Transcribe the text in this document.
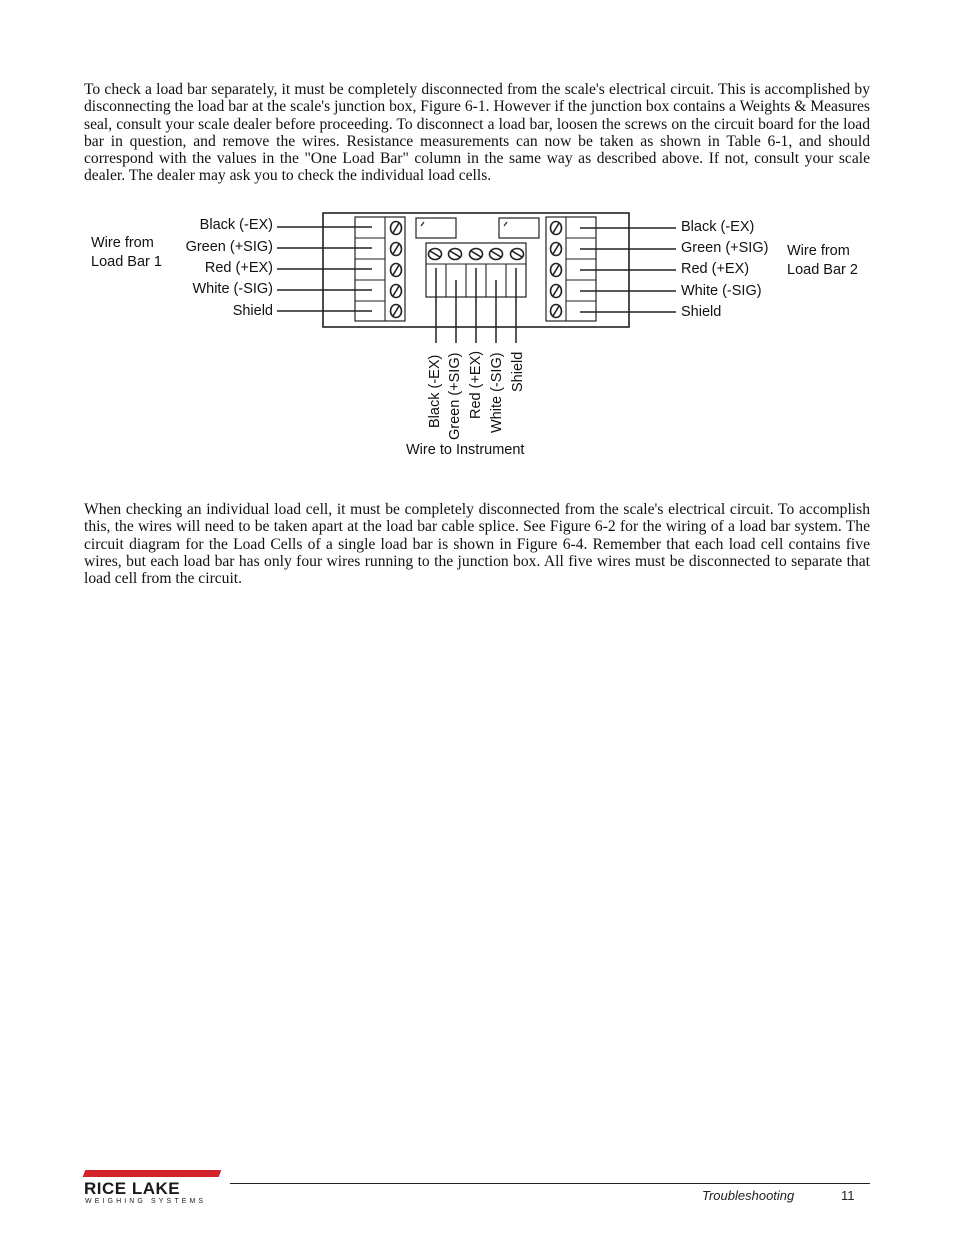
To check a load bar separately, it must be completely disconnected from the scale's electrical circuit. This is accomplished by disconnecting the load bar at the scale's junction box, Figure 6-1. However if the junction box contains a Weights & Measures seal, consult your scale dealer before proceeding. To disconnect a load bar, loosen the screws on the circuit board for the load bar in question, and remove the wires. Resistance measurements can now be taken as shown in Table 6-1, and should correspond with the values in the "One Load Bar" column in the same way as described above. If not, consult your scale dealer. The dealer may ask you to check the individual load cells.

Wire from
Load Bar 1
Black (-EX)
Green (+SIG)
Red (+EX)
White (-SIG)
Shield
Black (-EX)
Green (+SIG)
Red (+EX)
White (-SIG)
Shield
Wire from
Load Bar 2
Black (-EX) Green (+SIG) Red (+EX) White (-SIG) Shield
Wire to Instrument

When checking an individual load cell, it must be completely disconnected from the scale's electrical circuit. To accomplish this, the wires will need to be taken apart at the load bar cable splice. See Figure 6-2 for the wiring of a load bar system. The circuit diagram for the Load Cells of a single load bar is shown in Figure 6-4. Remember that each load cell contains five wires, but each load bar has only four wires running to the junction box. All five wires must be disconnected to separate that load cell from the circuit.

RICE LAKE
WEIGHING SYSTEMS	Troubleshooting	11
